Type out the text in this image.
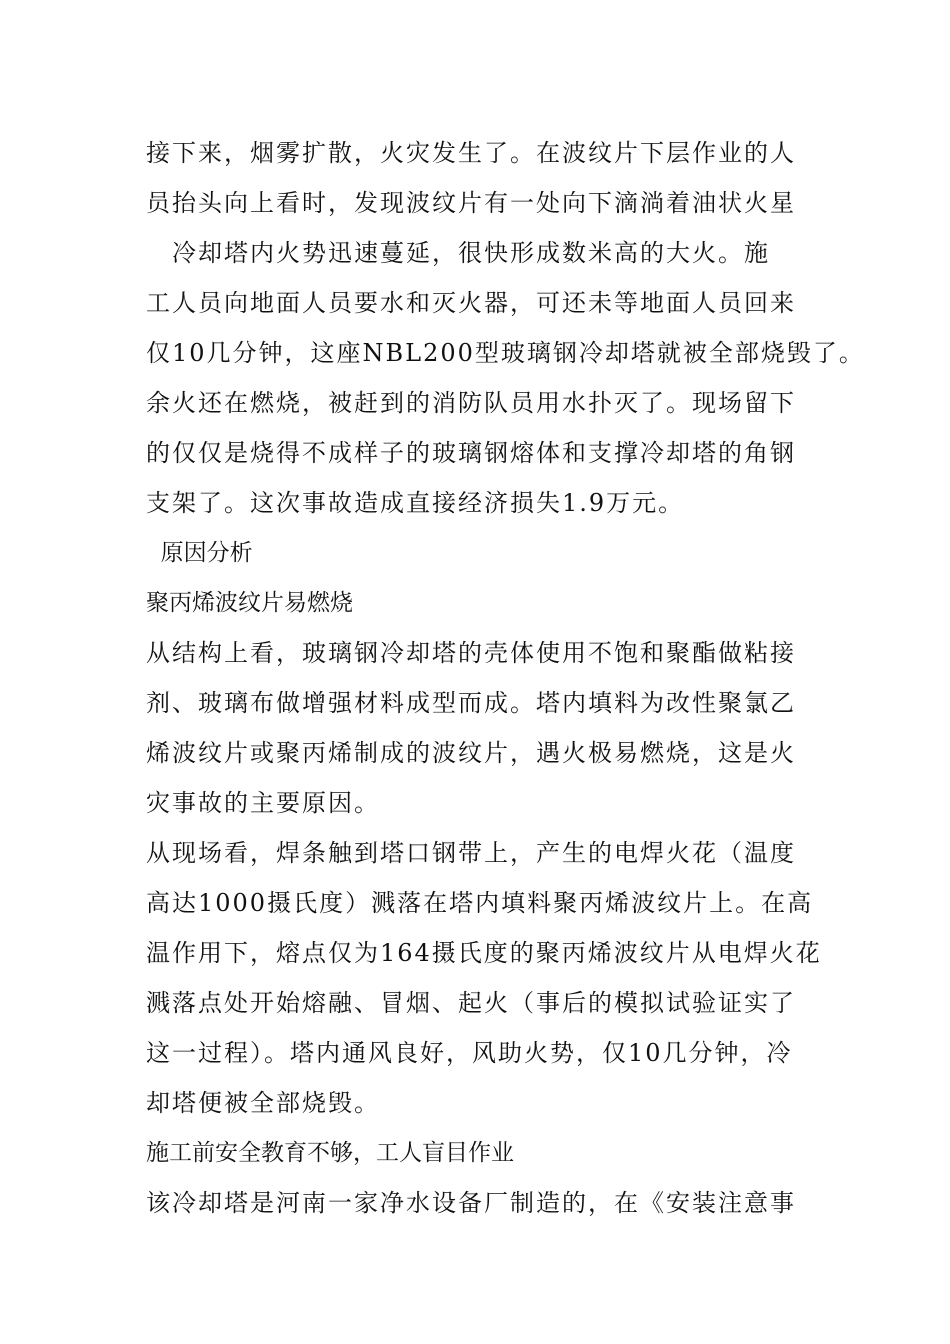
接下来，烟雾扩散，火灾发生了。在波纹片下层作业的人
员抬头向上看时，发现波纹片有一处向下滴淌着油状火星
　冷却塔内火势迅速蔓延，很快形成数米高的大火。施
工人员向地面人员要水和灭火器，可还未等地面人员回来
仅10几分钟，这座NBL200型玻璃钢冷却塔就被全部烧毁了。
余火还在燃烧，被赶到的消防队员用水扑灭了。现场留下
的仅仅是烧得不成样子的玻璃钢熔体和支撑冷却塔的角钢
支架了。这次事故造成直接经济损失1.9万元。
原因分析
聚丙烯波纹片易燃烧
从结构上看，玻璃钢冷却塔的壳体使用不饱和聚酯做粘接
剂、玻璃布做增强材料成型而成。塔内填料为改性聚氯乙
烯波纹片或聚丙烯制成的波纹片，遇火极易燃烧，这是火
灾事故的主要原因。
从现场看，焊条触到塔口钢带上，产生的电焊火花（温度
高达1000摄氏度）溅落在塔内填料聚丙烯波纹片上。在高
温作用下，熔点仅为164摄氏度的聚丙烯波纹片从电焊火花
溅落点处开始熔融、冒烟、起火（事后的模拟试验证实了
这一过程）。塔内通风良好，风助火势，仅10几分钟，冷
却塔便被全部烧毁。
施工前安全教育不够，工人盲目作业
该冷却塔是河南一家净水设备厂制造的，在《安装注意事
